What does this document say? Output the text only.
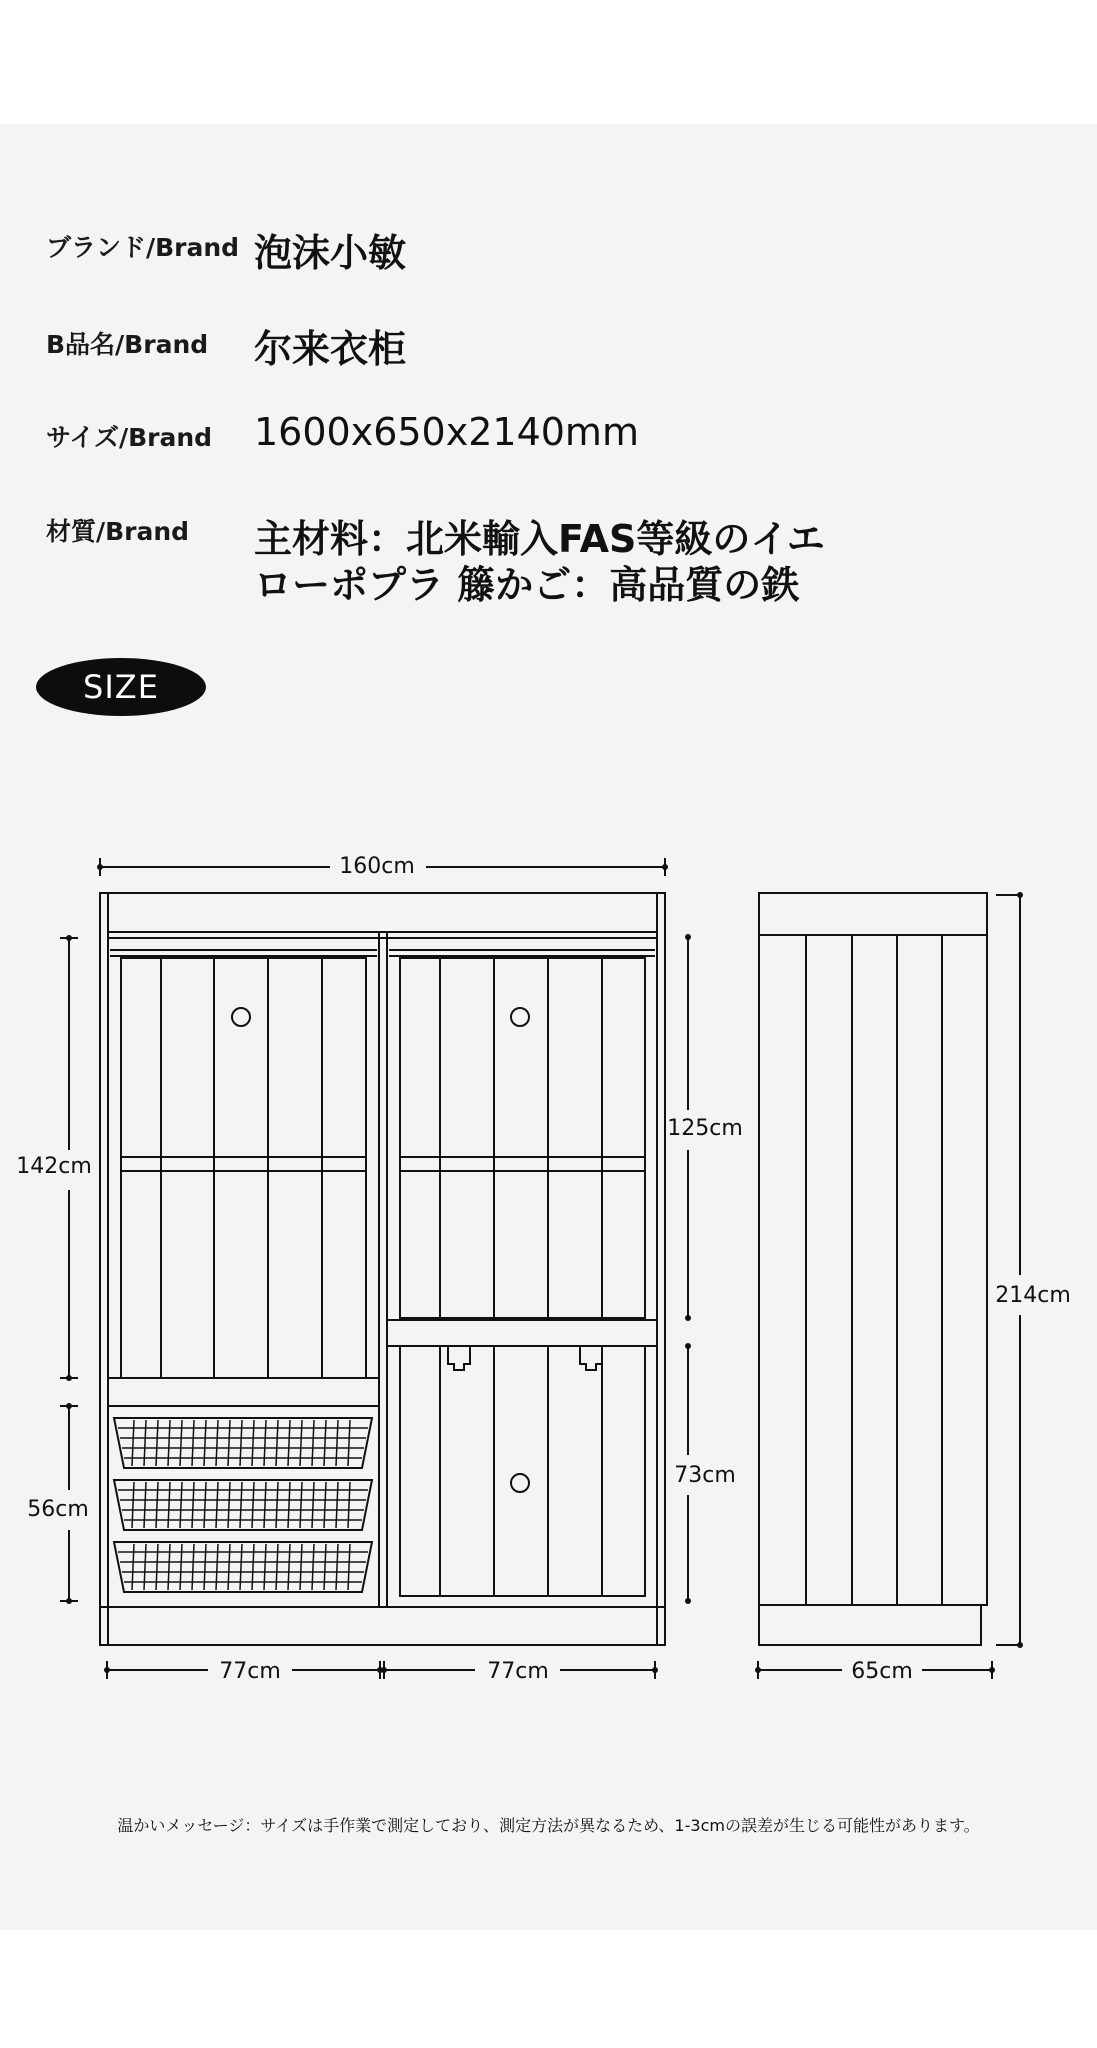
ブランド/Brand 泡沫小敏
B品名/Brand 尔来衣柜
サイズ/Brand 1600x650x2140mm
材質/Brand 主材料：北米輸入FAS等級のイエ
ローポプラ 籐かご：高品質の鉄
SIZE
160cm
142cm
56cm
125cm
73cm
77cm	77cm	65cm
214cm
温かいメッセージ：サイズは手作業で測定しており、測定方法が異なるため、1-3cmの誤差が生じる可能性があります。
